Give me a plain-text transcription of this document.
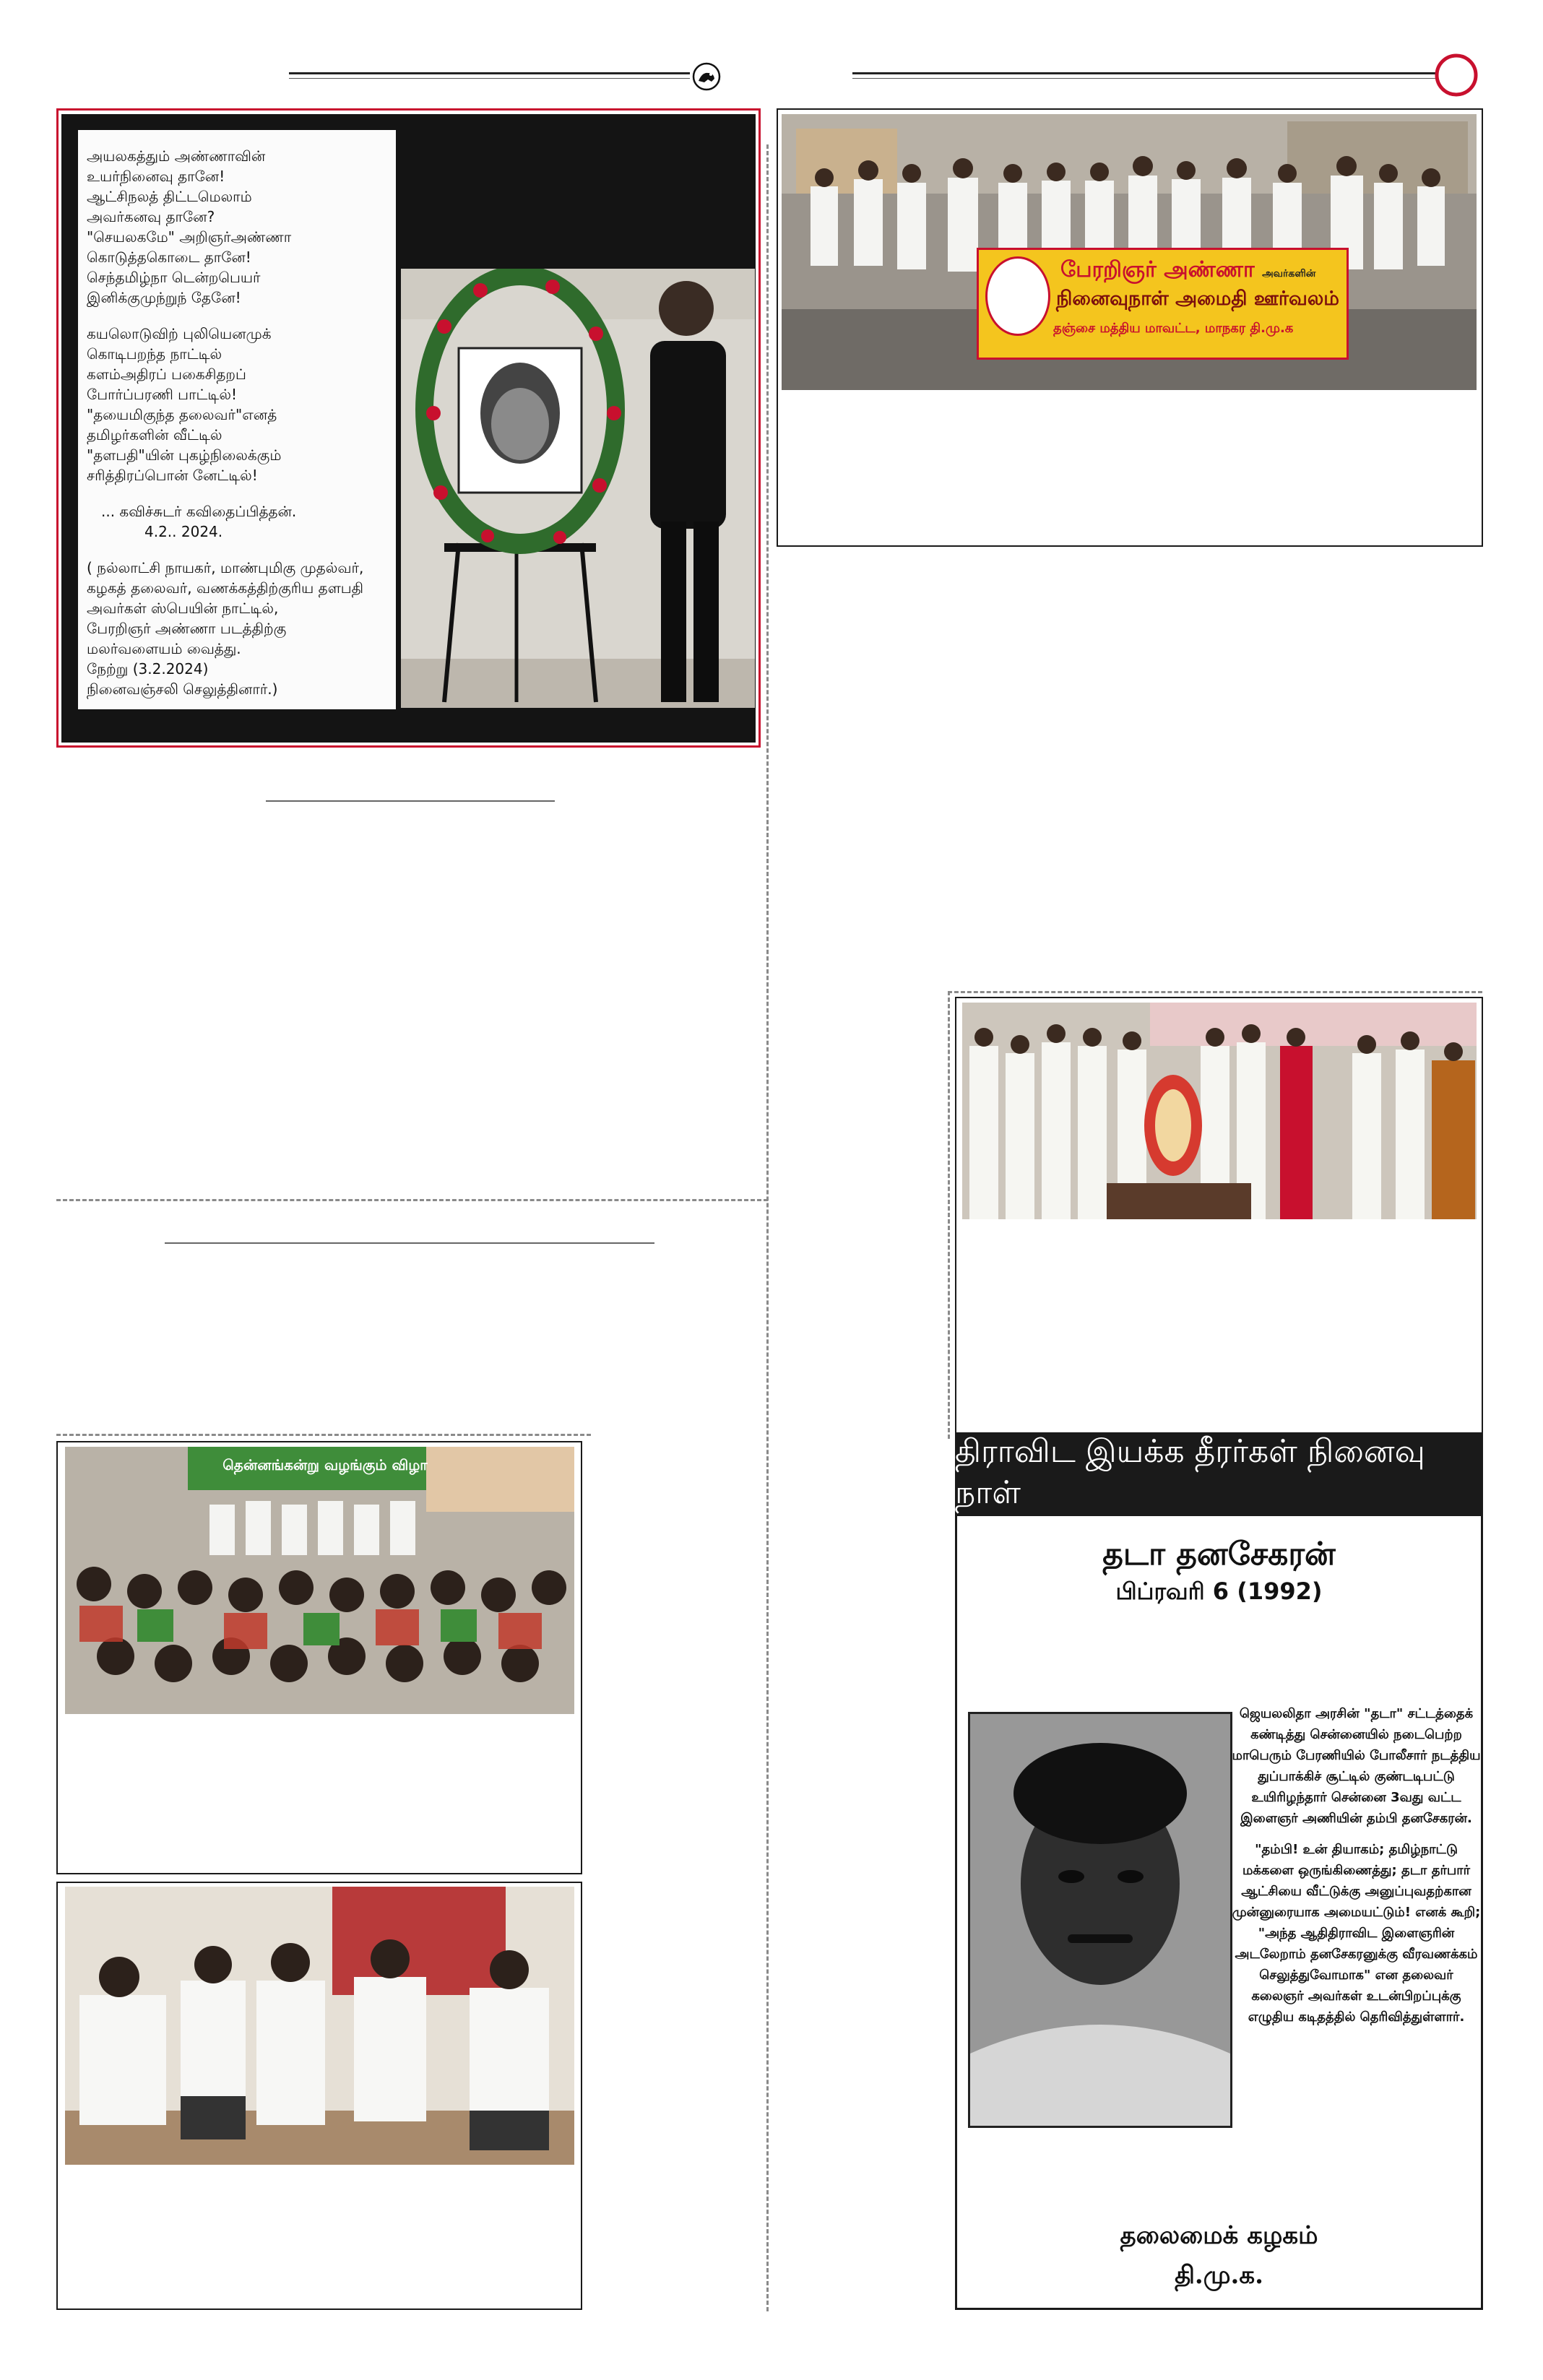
அயலகத்தும் அண்ணாவின்

உயர்நினைவு தானே!

ஆட்சிநலத் திட்டமெலாம்

அவர்கனவு தானே?

"செயலகமே" அறிஞர்அண்ணா

கொடுத்தகொடை தானே!

செந்தமிழ்நா டென்றபெயர்

இனிக்குமுந்றுந் தேனே!

கயலொடுவிற் புலியெனமுக்

கொடிபறந்த நாட்டில்

களம்அதிரப் பகைசிதறப்

போர்ப்பரணி பாட்டில்!

"தயைமிகுந்த தலைவர்"எனத்

தமிழர்களின் வீட்டில்

"தளபதி"யின் புகழ்நிலைக்கும்

சரித்திரப்பொன் னேட்டில்!

... கவிச்சுடர் கவிதைப்பித்தன்.

4.2.. 2024.

( நல்லாட்சி நாயகர், மாண்புமிகு முதல்வர்,

கழகத் தலைவர், வணக்கத்திற்குரிய தளபதி

அவர்கள் ஸ்பெயின் நாட்டில்,

பேரறிஞர் அண்ணா படத்திற்கு

மலர்வளையம் வைத்து.

நேற்று (3.2.2024)

நினைவஞ்சலி செலுத்தினார்.)

பேரறிஞர் அண்ணா அவர்களின்
நினைவுநாள் அமைதி ஊர்வலம்
தஞ்சை மத்திய மாவட்ட, மாநகர தி.மு.க
திராவிட இயக்க தீரர்கள் நினைவு நாள்
தடா தனசேகரன்
பிப்ரவரி 6 (1992)

ஜெயலலிதா அரசின் "தடா" சட்டத்தைக் கண்டித்து சென்னையில் நடைபெற்ற மாபெரும் பேரணியில் போலீசார் நடத்திய துப்பாக்கிச் சூட்டில் குண்டடிபட்டு உயிரிழந்தார் சென்னை 3வது வட்ட இளைஞர் அணியின் தம்பி தனசேகரன்.

"தம்பி! உன் தியாகம்; தமிழ்நாட்டு மக்களை ஒருங்கிணைத்து; தடா தர்பார் ஆட்சியை வீட்டுக்கு அனுப்புவதற்கான முன்னுரையாக அமையட்டும்! எனக் கூறி; "அந்த ஆதிதிராவிட இளைஞரின் அடலேறாம் தனசேகரனுக்கு வீரவணக்கம் செலுத்துவோமாக" என தலைவர் கலைஞர் அவர்கள் உடன்பிறப்புக்கு எழுதிய கடிதத்தில் தெரிவித்துள்ளார்.

தலைமைக் கழகம்
தி.மு.க.
தென்னங்கன்று வழங்கும் விழா
